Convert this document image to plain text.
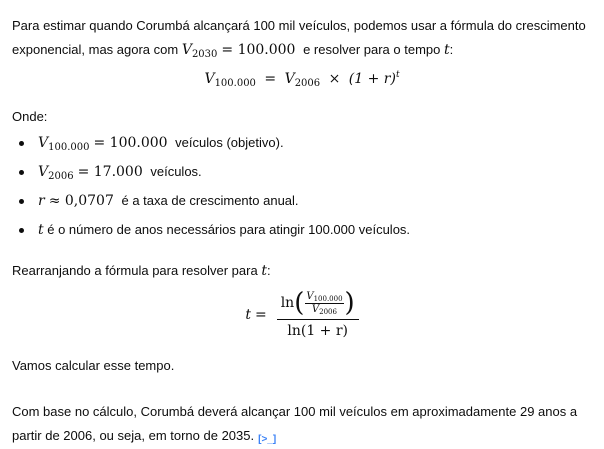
Para estimar quando Corumbá alcançará 100 mil veículos, podemos usar a fórmula do crescimento exponencial, mas agora com $V_{2030} = 100.000$ e resolver para o tempo t:

$V_{100.000} = V_{2006} \times (1 + r)^t$

Onde:

$V_{100.000} = 100.000$ veículos (objetivo).
$V_{2006} = 17.000$ veículos.
r ≈ 0,0707 é a taxa de crescimento anual.
t é o número de anos necessários para atingir 100.000 veículos.

Rearranjando a fórmula para resolver para t:

t =
ln ( $V_{100.000}$
$V_{2006}$ )
ln(1 + r)

Vamos calcular esse tempo.

Com base no cálculo, Corumbá deverá alcançar 100 mil veículos em aproximadamente 29 anos a partir de 2006, ou seja, em torno de 2035. [>_]
